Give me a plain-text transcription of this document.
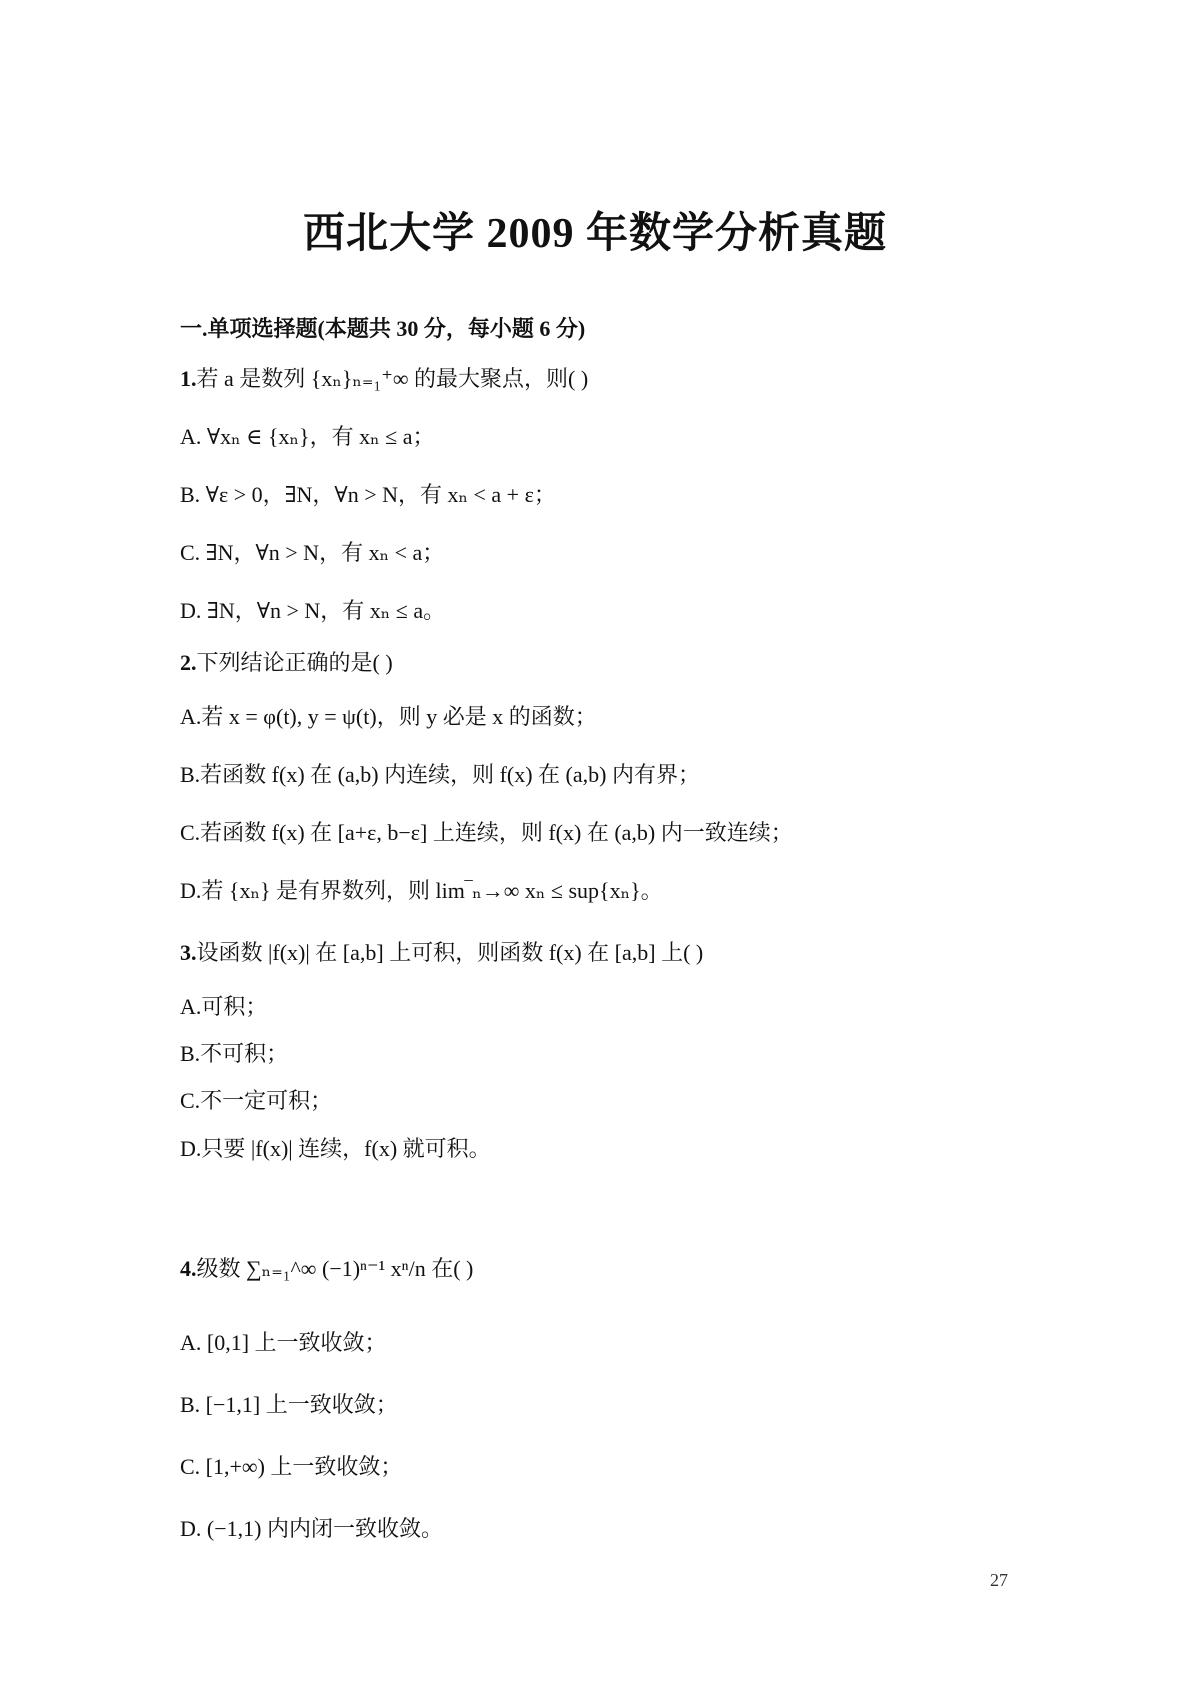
西北大学 2009 年数学分析真题
一.单项选择题(本题共 30 分，每小题 6 分)
1.若 a 是数列 {xₙ}ₙ₌₁⁺∞ 的最大聚点，则( )
A. ∀xₙ ∈ {xₙ}，有 xₙ ≤ a；
B. ∀ε > 0，∃N，∀n > N，有 xₙ < a + ε；
C. ∃N，∀n > N，有 xₙ < a；
D. ∃N，∀n > N，有 xₙ ≤ a。
2.下列结论正确的是( )
A.若 x = φ(t), y = ψ(t)，则 y 必是 x 的函数；
B.若函数 f(x) 在 (a,b) 内连续，则 f(x) 在 (a,b) 内有界；
C.若函数 f(x) 在 [a+ε, b−ε] 上连续，则 f(x) 在 (a,b) 内一致连续；
D.若 {xₙ} 是有界数列，则 lim‾ₙ→∞ xₙ ≤ sup{xₙ}。
3.设函数 |f(x)| 在 [a,b] 上可积，则函数 f(x) 在 [a,b] 上( )
A.可积；
B.不可积；
C.不一定可积；
D.只要 |f(x)| 连续，f(x) 就可积。
4.级数 ∑ₙ₌₁^∞ (−1)ⁿ⁻¹ xⁿ/n 在( )
A. [0,1] 上一致收敛；
B. [−1,1] 上一致收敛；
C. [1,+∞) 上一致收敛；
D. (−1,1) 内内闭一致收敛。
27
